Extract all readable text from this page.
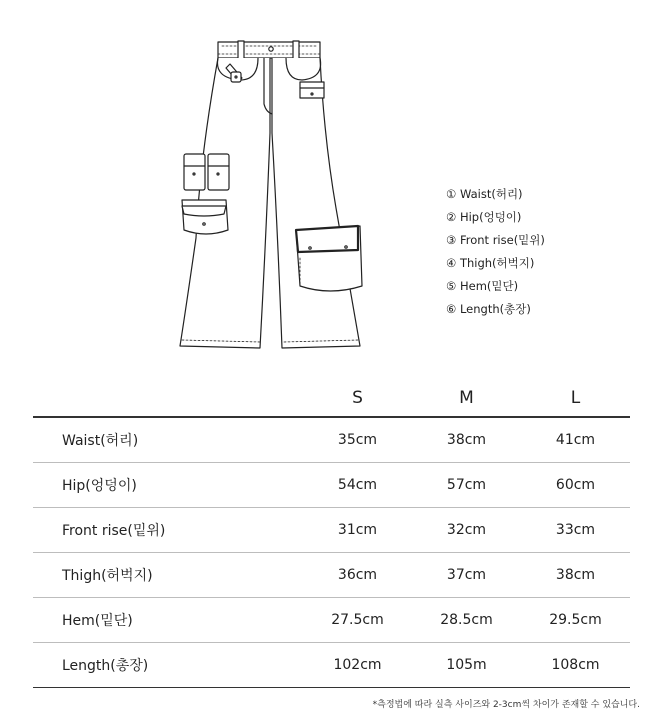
① Waist(허리)
② Hip(엉덩이)
③ Front rise(밑위)
④ Thigh(허벅지)
⑤ Hem(밑단)
⑥ Length(총장)
	S	M	L
Waist(허리)	35cm	38cm	41cm
Hip(엉덩이)	54cm	57cm	60cm
Front rise(밑위)	31cm	32cm	33cm
Thigh(허벅지)	36cm	37cm	38cm
Hem(밑단)	27.5cm	28.5cm	29.5cm
Length(총장)	102cm	105m	108cm
*측정법에 따라 실측 사이즈와 2-3cm씩 차이가 존재할 수 있습니다.
